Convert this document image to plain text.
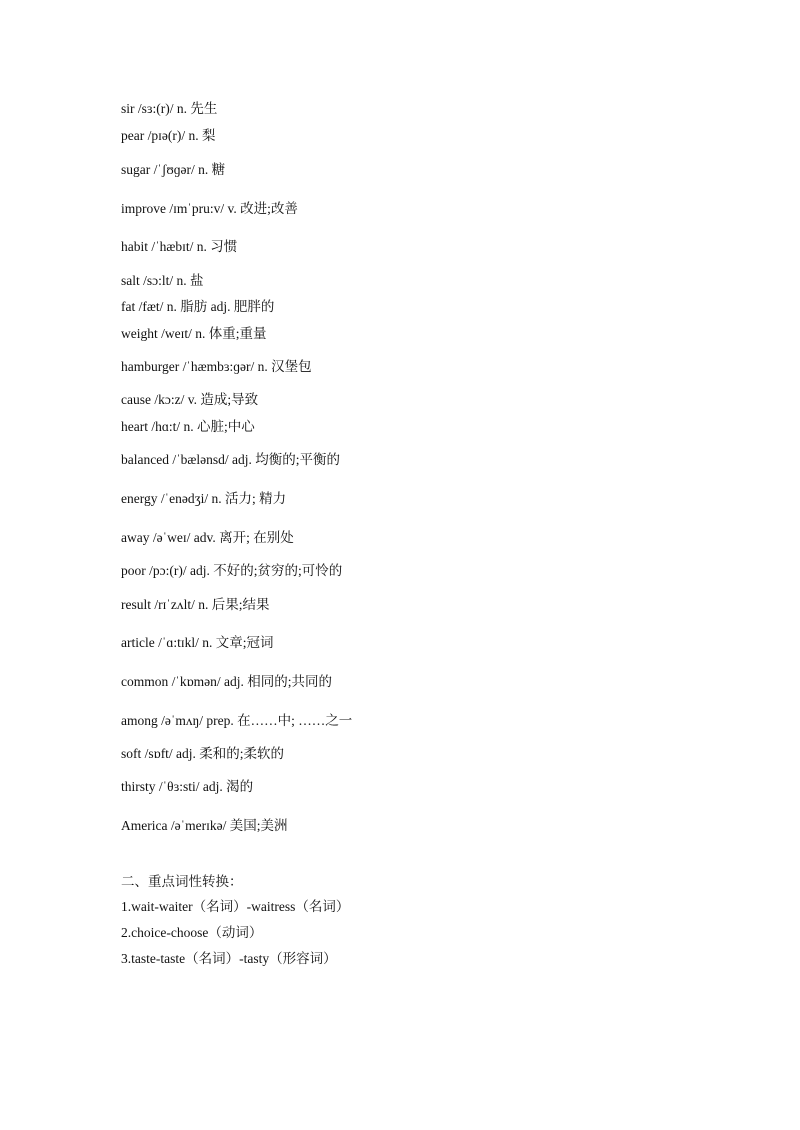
sir /sɜ:(r)/ n. 先生
pear /pɪə(r)/ n. 梨
sugar /ˈʃʊɡər/ n. 糖
improve /ɪmˈpru:v/ v. 改进;改善
habit /ˈhæbɪt/ n. 习惯
salt /sɔ:lt/ n. 盐
fat /fæt/ n. 脂肪 adj. 肥胖的
weight /weɪt/ n. 体重;重量
hamburger /ˈhæmbɜ:ɡər/ n. 汉堡包
cause /kɔ:z/ v. 造成;导致
heart /hɑ:t/ n. 心脏;中心
balanced /ˈbælənsd/ adj. 均衡的;平衡的
energy /ˈenədʒi/ n. 活力; 精力
away /əˈweɪ/ adv. 离开; 在别处
poor /pɔ:(r)/ adj. 不好的;贫穷的;可怜的
result /rɪˈzʌlt/ n. 后果;结果
article /ˈɑ:tɪkl/ n. 文章;冠词
common /ˈkɒmən/ adj. 相同的;共同的
among /əˈmʌŋ/ prep. 在……中; ……之一
soft /sɒft/ adj. 柔和的;柔软的
thirsty /ˈθɜ:sti/ adj. 渴的
America /əˈmerɪkə/ 美国;美洲
二、重点词性转换：
1.wait-waiter（名词）-waitress（名词）
2.choice-choose（动词）
3.taste-taste（名词）-tasty（形容词）
